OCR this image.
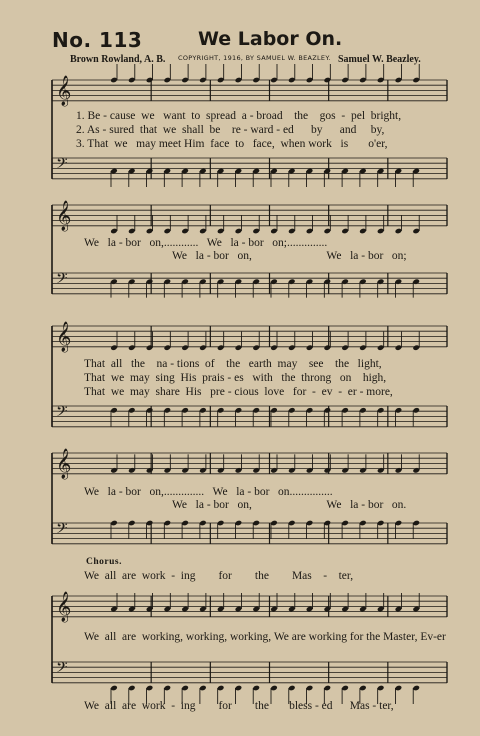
No. 113	We Labor On.
Brown Rowland, A. B. COPYRIGHT, 1916, BY SAMUEL W. BEAZLEY. Samuel W. Beazley.
𝄞
𝄢
𝄞
𝄢
𝄞
𝄢
𝄞
𝄢
𝄞
𝄢
1. Be - cause  we   want  to  spread  a - broad    the    gos  -  pel  bright,
2. As - sured  that  we  shall  be    re - ward - ed      by      and     by,
3. That  we   may meet Him  face  to   face,  when work   is       o'er,
We   la - bor   on,............   We   la - bor   on;..............
We   la - bor   on,                          We   la - bor   on;
That  all   the    na - tions  of    the   earth  may    see    the   light,
That  we  may  sing  His  prais - es   with   the  throng   on    high,
That  we  may  share  His   pre - cious  love   for  -  ev  -  er - more,
We   la - bor   on,..............   We   la - bor   on...............
We   la - bor   on,                          We   la - bor   on.
Chorus.
We  all  are  work  -  ing        for        the        Mas    -    ter,
We  all  are  working, working, working, We are working for the Master, Ev-er
We  all  are  work  -  ing        for        the       bless - ed      Mas - ter,
